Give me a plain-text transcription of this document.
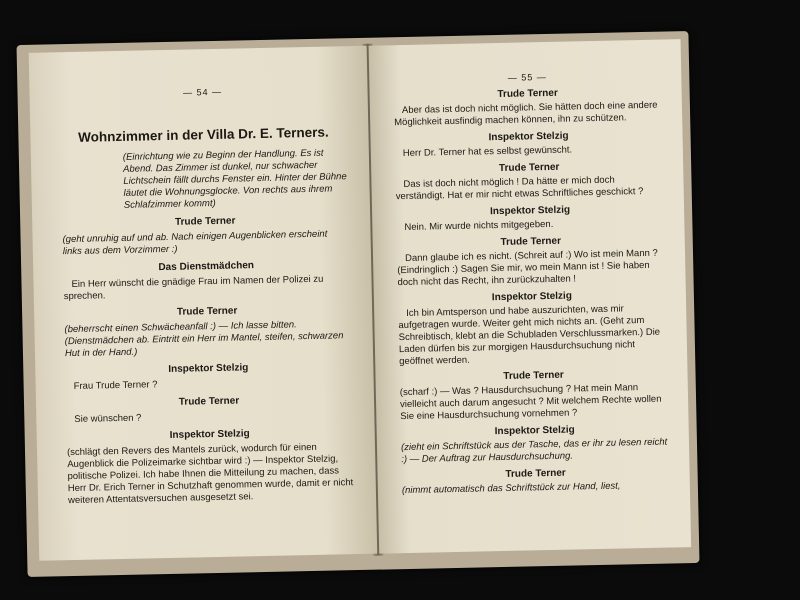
— 54 —
Wohnzimmer in der Villa Dr. E. Terners.

(Einrichtung wie zu Beginn der Handlung. Es ist Abend. Das Zimmer ist dunkel, nur schwacher Lichtschein fällt durchs Fenster ein. Hinter der Bühne läutet die Wohnungsglocke. Von rechts aus ihrem Schlafzimmer kommt)

Trude Terner

(geht unruhig auf und ab. Nach einigen Augenblicken erscheint links aus dem Vorzimmer :)

Das Dienstmädchen

Ein Herr wünscht die gnädige Frau im Namen der Polizei zu sprechen.

Trude Terner

(beherrscht einen Schwächeanfall :) — Ich lasse bitten. (Dienstmädchen ab. Eintritt ein Herr im Mantel, steifen, schwarzen Hut in der Hand.)

Inspektor Stelzig

Frau Trude Terner ?

Trude Terner

Sie wünschen ?

Inspektor Stelzig

(schlägt den Revers des Mantels zurück, wodurch für einen Augenblick die Polizeimarke sichtbar wird :) — Inspektor Stelzig, politische Polizei. Ich habe Ihnen die Mitteilung zu machen, dass Herr Dr. Erich Terner in Schutzhaft genommen wurde, damit er nicht weiteren Attentatsversuchen ausgesetzt sei.

— 55 —
Trude Terner

Aber das ist doch nicht möglich. Sie hätten doch eine andere Möglichkeit ausfindig machen können, ihn zu schützen.

Inspektor Stelzig

Herr Dr. Terner hat es selbst gewünscht.

Trude Terner

Das ist doch nicht möglich ! Da hätte er mich doch verständigt. Hat er mir nicht etwas Schriftliches geschickt ?

Inspektor Stelzig

Nein. Mir wurde nichts mitgegeben.

Trude Terner

Dann glaube ich es nicht. (Schreit auf :) Wo ist mein Mann ? (Eindringlich :) Sagen Sie mir, wo mein Mann ist ! Sie haben doch nicht das Recht, ihn zurückzuhalten !

Inspektor Stelzig

Ich bin Amtsperson und habe auszurichten, was mir aufgetragen wurde. Weiter geht mich nichts an. (Geht zum Schreibtisch, klebt an die Schubladen Verschlussmarken.) Die Laden dürfen bis zur morgigen Hausdurchsuchung nicht geöffnet werden.

Trude Terner

(scharf :) — Was ? Hausdurchsuchung ? Hat mein Mann vielleicht auch darum angesucht ? Mit welchem Rechte wollen Sie eine Hausdurchsuchung vornehmen ?

Inspektor Stelzig

(zieht ein Schriftstück aus der Tasche, das er ihr zu lesen reicht :) — Der Auftrag zur Hausdurchsuchung.

Trude Terner

(nimmt automatisch das Schriftstück zur Hand, liest,
